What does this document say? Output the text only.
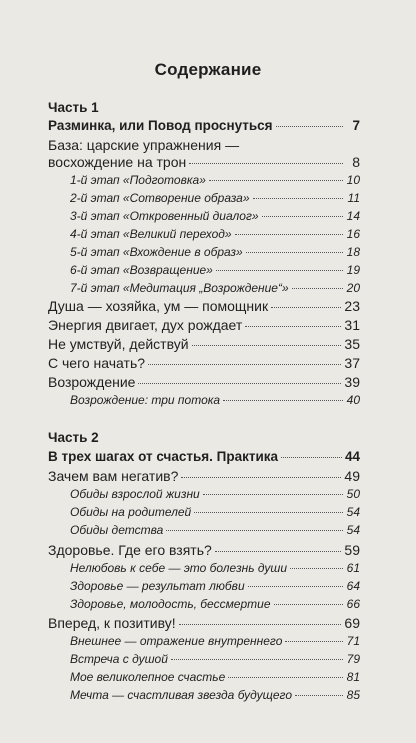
Содержание
Часть 1
Разминка, или Повод проснуться	7
База: царские упражнения —
восхождение на трон	8
1-й этап «Подготовка»	10
2-й этап «Сотворение образа»	11
3-й этап «Откровенный диалог»	14
4-й этап «Великий переход»	16
5-й этап «Вхождение в образ»	18
6-й этап «Возвращение»	19
7-й этап «Медитация „Возрождение“»	20
Душа — хозяйка, ум — помощник	23
Энергия двигает, дух рождает	31
Не умствуй, действуй	35
С чего начать?	37
Возрождение	39
Возрождение: три потока	40
Часть 2
В трех шагах от счастья. Практика	44
Зачем вам негатив?	49
Обиды взрослой жизни	50
Обиды на родителей	54
Обиды детства	54
Здоровье. Где его взять?	59
Нелюбовь к себе — это болезнь души	61
Здоровье — результат любви	64
Здоровье, молодость, бессмертие	66
Вперед, к позитиву!	69
Внешнее — отражение внутреннего	71
Встреча с душой	79
Мое великолепное счастье	81
Мечта — счастливая звезда будущего	85
